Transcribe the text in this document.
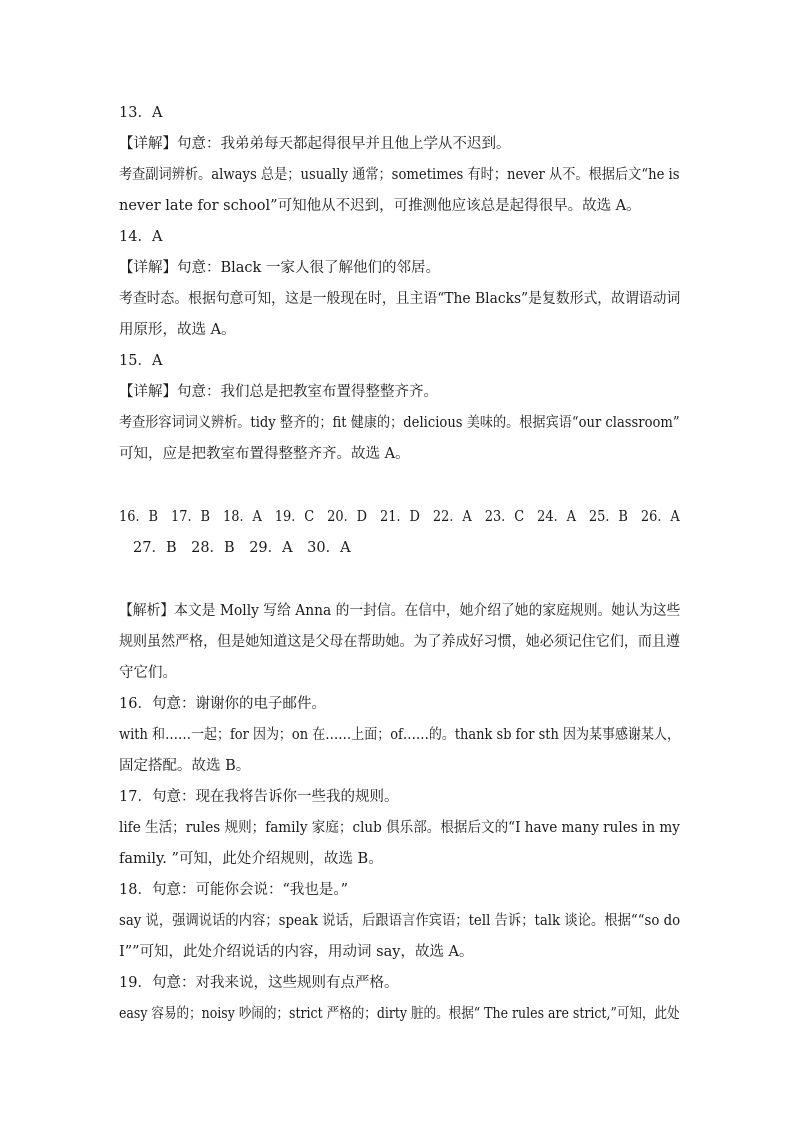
13．A
【详解】句意：我弟弟每天都起得很早并且他上学从不迟到。
考查副词辨析。always 总是；usually 通常；sometimes 有时；never 从不。根据后文“he is
never late for school”可知他从不迟到，可推测他应该总是起得很早。故选 A。
14．A
【详解】句意：Black 一家人很了解他们的邻居。
考查时态。根据句意可知，这是一般现在时，且主语“The Blacks”是复数形式，故谓语动词
用原形，故选 A。
15．A
【详解】句意：我们总是把教室布置得整整齐齐。
考查形容词词义辨析。tidy 整齐的；fit 健康的；delicious 美味的。根据宾语“our classroom”
可知，应是把教室布置得整整齐齐。故选 A。
16．B　17．B　18．A　19．C　20．D　21．D　22．A　23．C　24．A　25．B　26．A
27．B　28．B　29．A　30．A
【解析】本文是 Molly 写给 Anna 的一封信。在信中，她介绍了她的家庭规则。她认为这些
规则虽然严格，但是她知道这是父母在帮助她。为了养成好习惯，她必须记住它们，而且遵
守它们。
16．句意：谢谢你的电子邮件。
with 和……一起；for 因为；on 在……上面；of……的。thank sb for sth 因为某事感谢某人，
固定搭配。故选 B。
17．句意：现在我将告诉你一些我的规则。
life 生活；rules 规则；family 家庭；club 俱乐部。根据后文的“I have many rules in my
family. ”可知，此处介绍规则，故选 B。
18．句意：可能你会说：“我也是。”
say 说，强调说话的内容；speak 说话，后跟语言作宾语；tell 告诉；talk 谈论。根据““so do
I””可知，此处介绍说话的内容，用动词 say，故选 A。
19．句意：对我来说，这些规则有点严格。
easy 容易的；noisy 吵闹的；strict 严格的；dirty 脏的。根据“ The rules are strict,”可知，此处
